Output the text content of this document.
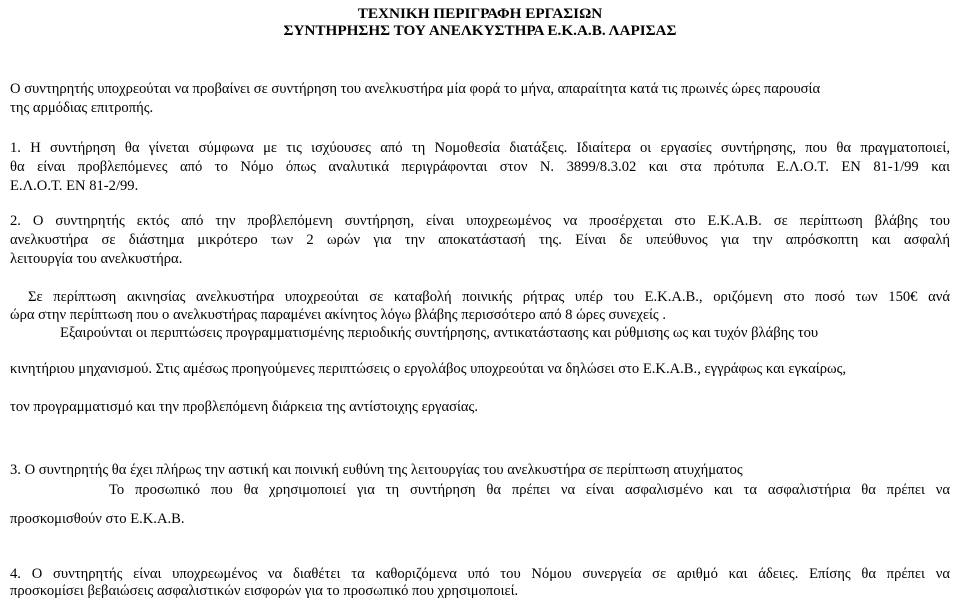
ΤΕΧΝΙΚΗ ΠΕΡΙΓΡΑΦΗ ΕΡΓΑΣΙΩΝ
ΣΥΝΤΗΡΗΣΗΣ ΤΟΥ ΑΝΕΛΚΥΣΤΗΡΑ Ε.Κ.Α.Β. ΛΑΡΙΣΑΣ
Ο συντηρητής υποχρεούται να προβαίνει σε συντήρηση του ανελκυστήρα μία φορά το μήνα, απαραίτητα κατά τις πρωινές ώρες παρουσία
της αρμόδιας επιτροπής.
1. Η συντήρηση θα γίνεται σύμφωνα με τις ισχύουσες από τη Νομοθεσία διατάξεις. Ιδιαίτερα οι εργασίες συντήρησης, που θα πραγματοποιεί,
θα είναι προβλεπόμενες από το Νόμο όπως αναλυτικά περιγράφονται στον Ν. 3899/8.3.02 και στα πρότυπα Ε.Λ.Ο.Τ. ΕΝ 81-1/99 και
Ε.Λ.Ο.Τ. ΕΝ 81-2/99.
2. Ο συντηρητής εκτός από την προβλεπόμενη συντήρηση, είναι υποχρεωμένος να προσέρχεται στο Ε.Κ.Α.Β. σε περίπτωση βλάβης του
ανελκυστήρα σε διάστημα μικρότερο των 2 ωρών για την αποκατάστασή της. Είναι δε υπεύθυνος για την απρόσκοπτη και ασφαλή
λειτουργία του ανελκυστήρα.
Σε περίπτωση ακινησίας ανελκυστήρα υποχρεούται σε καταβολή ποινικής ρήτρας υπέρ του Ε.Κ.Α.Β., οριζόμενη στο ποσό των 150€ ανά
ώρα στην περίπτωση που ο ανελκυστήρας παραμένει ακίνητος λόγω βλάβης περισσότερο από 8 ώρες συνεχείς .
Εξαιρούνται οι περιπτώσεις προγραμματισμένης περιοδικής συντήρησης, αντικατάστασης και ρύθμισης ως και τυχόν βλάβης του
κινητήριου μηχανισμού. Στις αμέσως προηγούμενες περιπτώσεις ο εργολάβος υποχρεούται να δηλώσει στο Ε.Κ.Α.Β., εγγράφως και εγκαίρως,
τον προγραμματισμό και την προβλεπόμενη διάρκεια της αντίστοιχης εργασίας.
3. Ο συντηρητής θα έχει πλήρως την αστική και ποινική ευθύνη της λειτουργίας του ανελκυστήρα σε περίπτωση ατυχήματος
Το προσωπικό που θα χρησιμοποιεί για τη συντήρηση θα πρέπει να είναι ασφαλισμένο και τα ασφαλιστήρια θα πρέπει να
προσκομισθούν στο Ε.Κ.Α.Β.
4. Ο συντηρητής είναι υποχρεωμένος να διαθέτει τα καθοριζόμενα υπό του Νόμου συνεργεία σε αριθμό και άδειες. Επίσης θα πρέπει να
προσκομίσει βεβαιώσεις ασφαλιστικών εισφορών για το προσωπικό που χρησιμοποιεί.
